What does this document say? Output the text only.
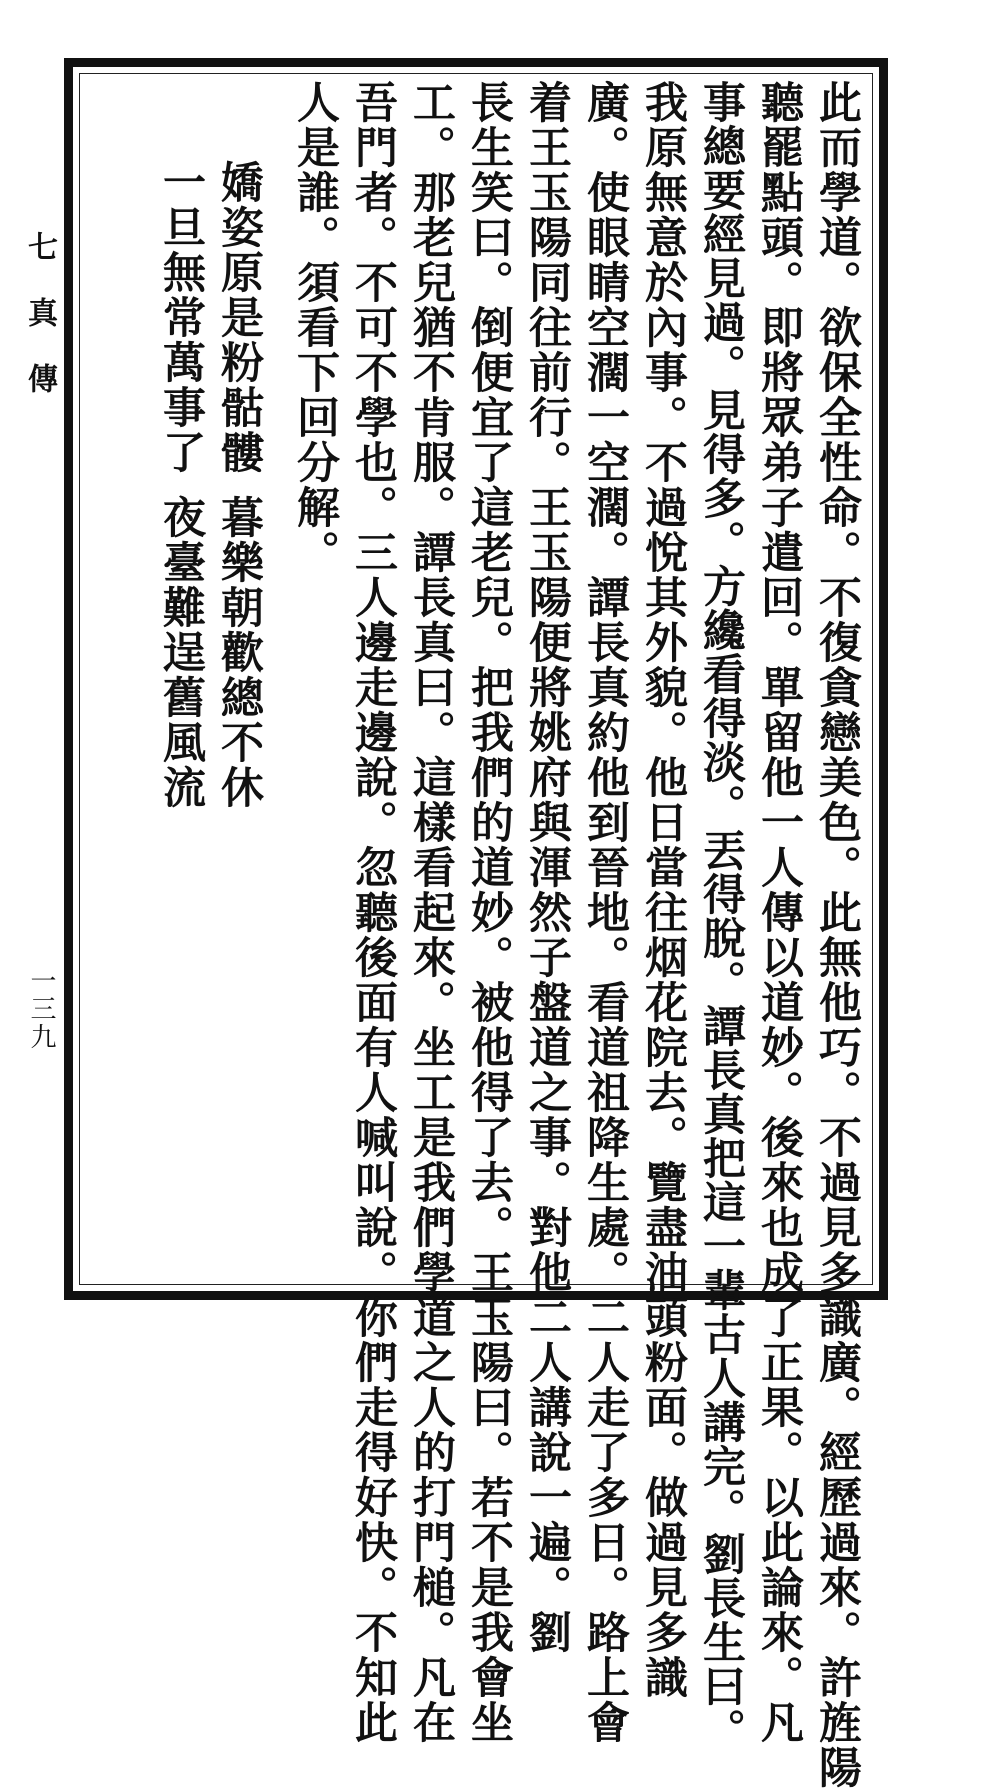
七真傳
一三九	此而學道。欲保全性命。不復貪戀美色。此無他巧。不過見多識廣。經歷過來。許旌陽
聽罷點頭。即將眾弟子遣回。單留他一人傳以道妙。後來也成了正果。以此論來。凡
事總要經見過。見得多。方纔看得淡。丟得脫。譚長真把這一輩古人講完。劉長生曰。
我原無意於內事。不過悅其外貌。他日當往烟花院去。覽盡油頭粉面。做過見多識
廣。使眼睛空濶一空濶。譚長真約他到晉地。看道祖降生處。二人走了多日。路上會
着王玉陽同往前行。王玉陽便將姚府與渾然子盤道之事。對他二人講說一遍。劉
長生笑曰。倒便宜了這老兒。把我們的道妙。被他得了去。王玉陽曰。若不是我會坐
工。那老兒猶不肯服。譚長真曰。這樣看起來。坐工是我們學道之人的打門槌。凡在
吾門者。不可不學也。三人邊走邊說。忽聽後面有人喊叫說。你們走得好快。不知此
人是誰。須看下回分解。
嬌姿原是粉骷髏
暮樂朝歡總不休
一旦無常萬事了
夜臺難逞舊風流
